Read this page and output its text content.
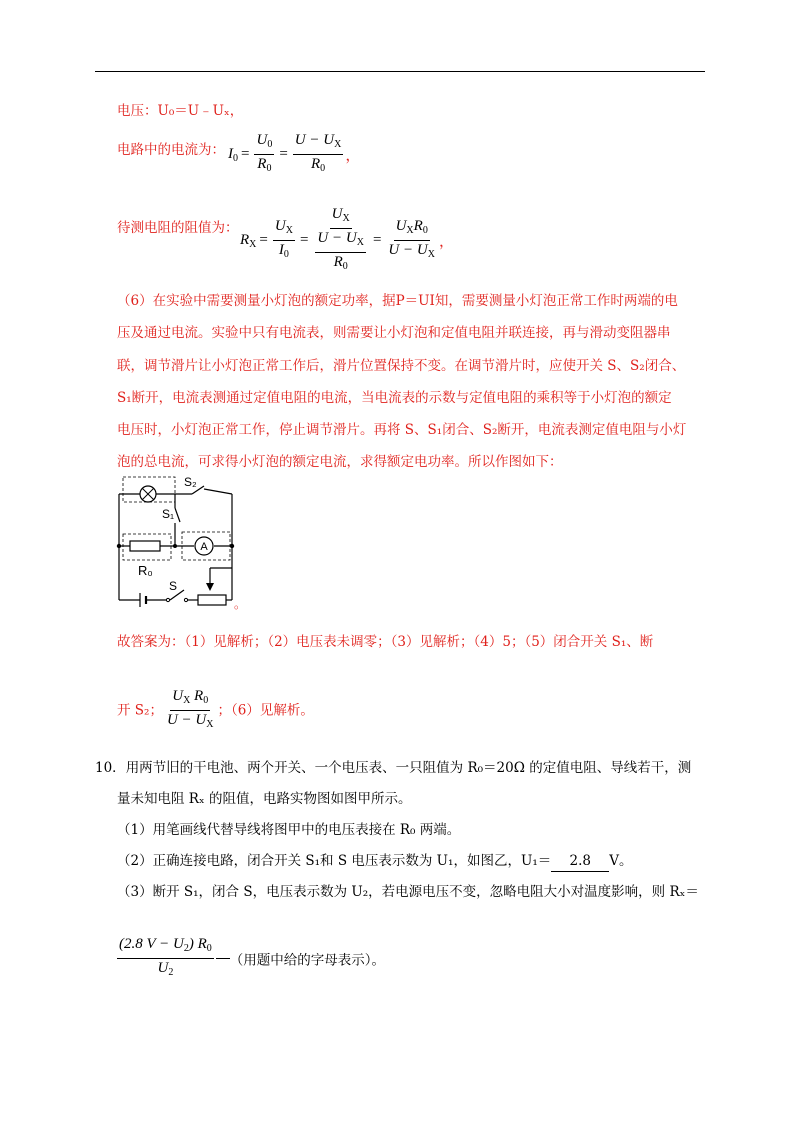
电压：U₀＝U﹣Uₓ，
电路中的电流为： $I_0 = \frac{U_0}{R_0} = \frac{U - U_X}{R_0}$ ，
待测电阻的阻值为：
$R_X = \frac{U_X}{I_0} = \frac{U_X}{\frac{U - U_X}{R_0}} = \frac{U_XR_0}{U - U_X}$ ，
（6）在实验中需要测量小灯泡的额定功率，据P＝UI知，需要测量小灯泡正常工作时两端的电
压及通过电流。实验中只有电流表，则需要让小灯泡和定值电阻并联连接，再与滑动变阻器串
联，调节滑片让小灯泡正常工作后，滑片位置保持不变。在调节滑片时，应使开关 S、S₂闭合、
S₁断开，电流表测通过定值电阻的电流，当电流表的示数与定值电阻的乘积等于小灯泡的额定
电压时，小灯泡正常工作，停止调节滑片。再将 S、S₁闭合、S₂断开，电流表测定值电阻与小灯
泡的总电流，可求得小灯泡的额定电流，求得额定电功率。所以作图如下：
A
S₂
S₁
R₀
S
。
故答案为：（1）见解析；（2）电压表未调零；（3）见解析；（4）5；（5）闭合开关 S₁、断
开 S₂； $\frac{U_X R_0}{U - U_X}$ ；（6）见解析。
10．用两节旧的干电池、两个开关、一个电压表、一只阻值为 R₀＝20Ω 的定值电阻、导线若干，测
量未知电阻 Rₓ 的阻值，电路实物图如图甲所示。
（1）用笔画线代替导线将图甲中的电压表接在 R₀ 两端。
（2）正确连接电路，闭合开关 S₁和 S 电压表示数为 U₁，如图乙，U₁＝ 2.8 V。
（3）断开 S₁，闭合 S，电压表示数为 U₂，若电源电压不变，忽略电阻大小对温度影响，则 Rₓ＝
$\frac{(2.8 V - U_2) R_0}{U_2}$ （用题中给的字母表示）。
